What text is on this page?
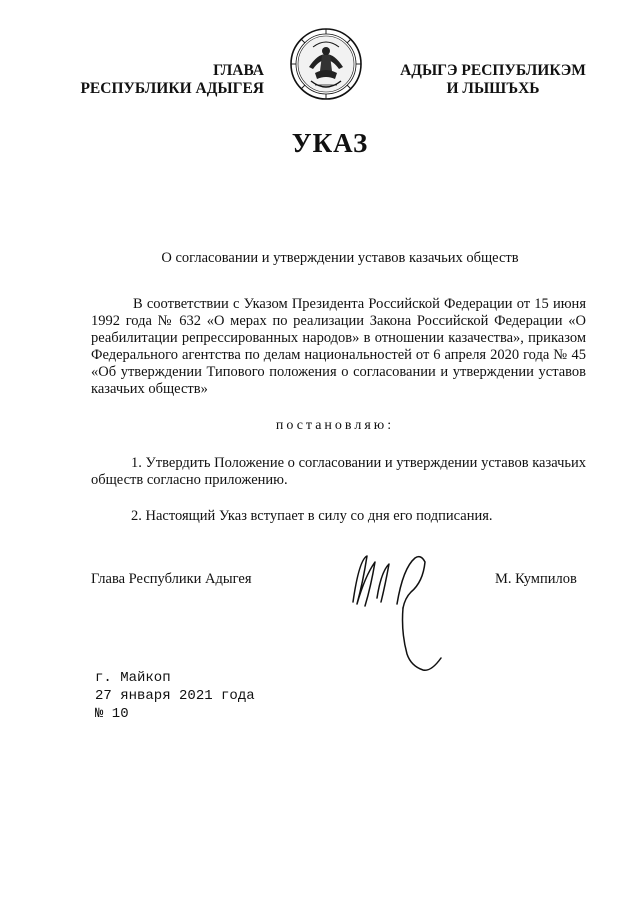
ГЛАВА
РЕСПУБЛИКИ АДЫГЕЯ
АДЫГЭ РЕСПУБЛИКЭМ
И ЛЫШЪХЬ
УКАЗ
О согласовании и утверждении уставов казачьих обществ
В соответствии с Указом Президента Российской Федерации от 15 июня 1992 года № 632 «О мерах по реализации Закона Российской Федерации «О реабилитации репрессированных народов» в отношении казачества», приказом Федерального агентства по делам национальностей от 6 апреля 2020 года № 45 «Об утверждении Типового положения о согласовании и утверждении уставов казачьих обществ»
постановляю:
1. Утвердить Положение о согласовании и утверждении уставов казачьих обществ согласно приложению.
2. Настоящий Указ вступает в силу со дня его подписания.
Глава Республики Адыгея	М. Кумпилов
г. Майкоп
27 января 2021 года
№ 10
